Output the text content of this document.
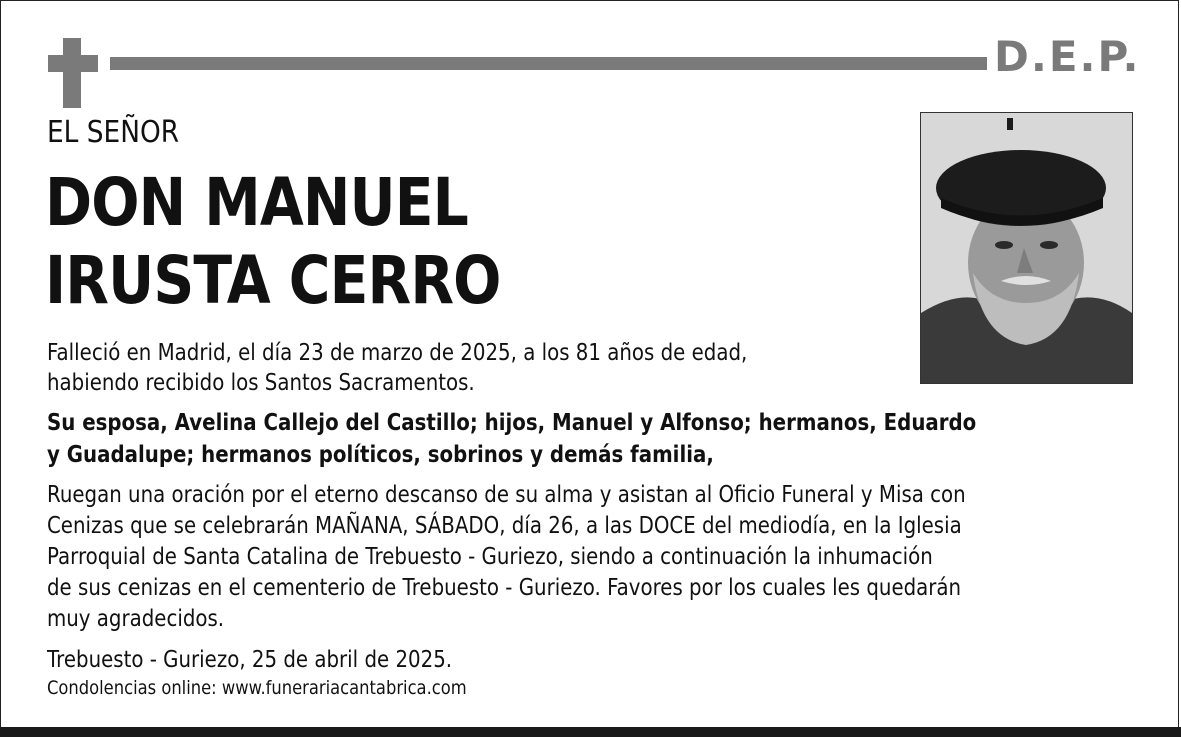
D.E.P.
EL SEÑOR
DON MANUEL
IRUSTA CERRO
Falleció en Madrid, el día 23 de marzo de 2025, a los 81 años de edad,
habiendo recibido los Santos Sacramentos.
Su esposa, Avelina Callejo del Castillo; hijos, Manuel y Alfonso; hermanos, Eduardo
y Guadalupe; hermanos políticos, sobrinos y demás familia,
Ruegan una oración por el eterno descanso de su alma y asistan al Oficio Funeral y Misa con
Cenizas que se celebrarán MAÑANA, SÁBADO, día 26, a las DOCE del mediodía, en la Iglesia
Parroquial de Santa Catalina de Trebuesto - Guriezo, siendo a continuación la inhumación
de sus cenizas en el cementerio de Trebuesto - Guriezo. Favores por los cuales les quedarán
muy agradecidos.
Trebuesto - Guriezo, 25 de abril de 2025.
Condolencias online: www.funerariacantabrica.com
